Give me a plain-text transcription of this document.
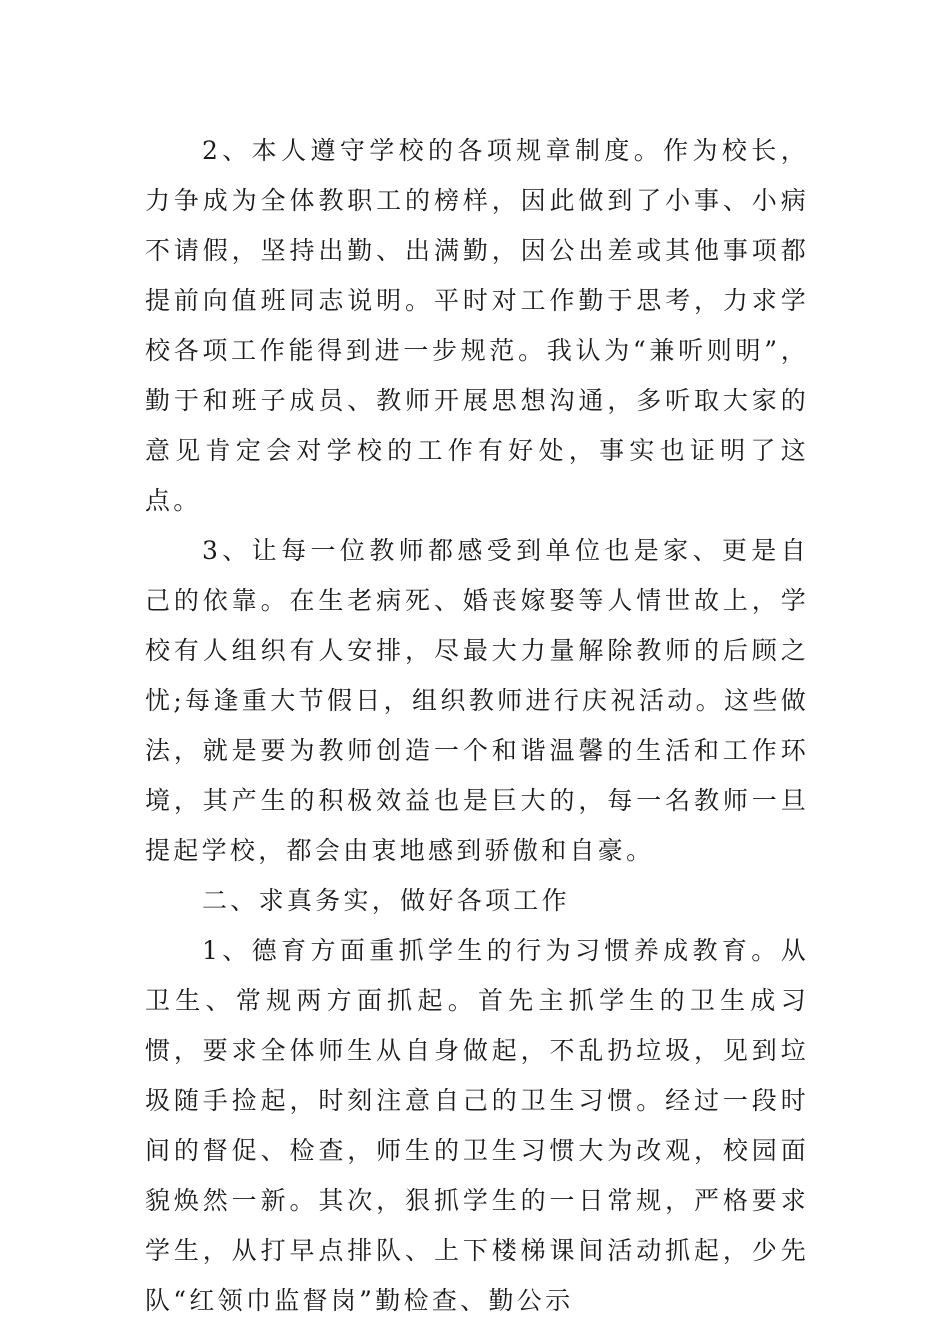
2、本人遵守学校的各项规章制度。作为校长，力争成为全体教职工的榜样，因此做到了小事、小病不请假，坚持出勤、出满勤，因公出差或其他事项都提前向值班同志说明。平时对工作勤于思考，力求学校各项工作能得到进一步规范。我认为“兼听则明”，勤于和班子成员、教师开展思想沟通，多听取大家的意见肯定会对学校的工作有好处，事实也证明了这点。

3、让每一位教师都感受到单位也是家、更是自己的依靠。在生老病死、婚丧嫁娶等人情世故上，学校有人组织有人安排，尽最大力量解除教师的后顾之忧;每逢重大节假日，组织教师进行庆祝活动。这些做法，就是要为教师创造一个和谐温馨的生活和工作环境，其产生的积极效益也是巨大的，每一名教师一旦提起学校，都会由衷地感到骄傲和自豪。

二、求真务实，做好各项工作

1、德育方面重抓学生的行为习惯养成教育。从卫生、常规两方面抓起。首先主抓学生的卫生成习惯，要求全体师生从自身做起，不乱扔垃圾，见到垃圾随手捡起，时刻注意自己的卫生习惯。经过一段时间的督促、检查，师生的卫生习惯大为改观，校园面貌焕然一新。其次，狠抓学生的一日常规，严格要求学生，从打早点排队、上下楼梯课间活动抓起，少先队“红领巾监督岗”勤检查、勤公示
